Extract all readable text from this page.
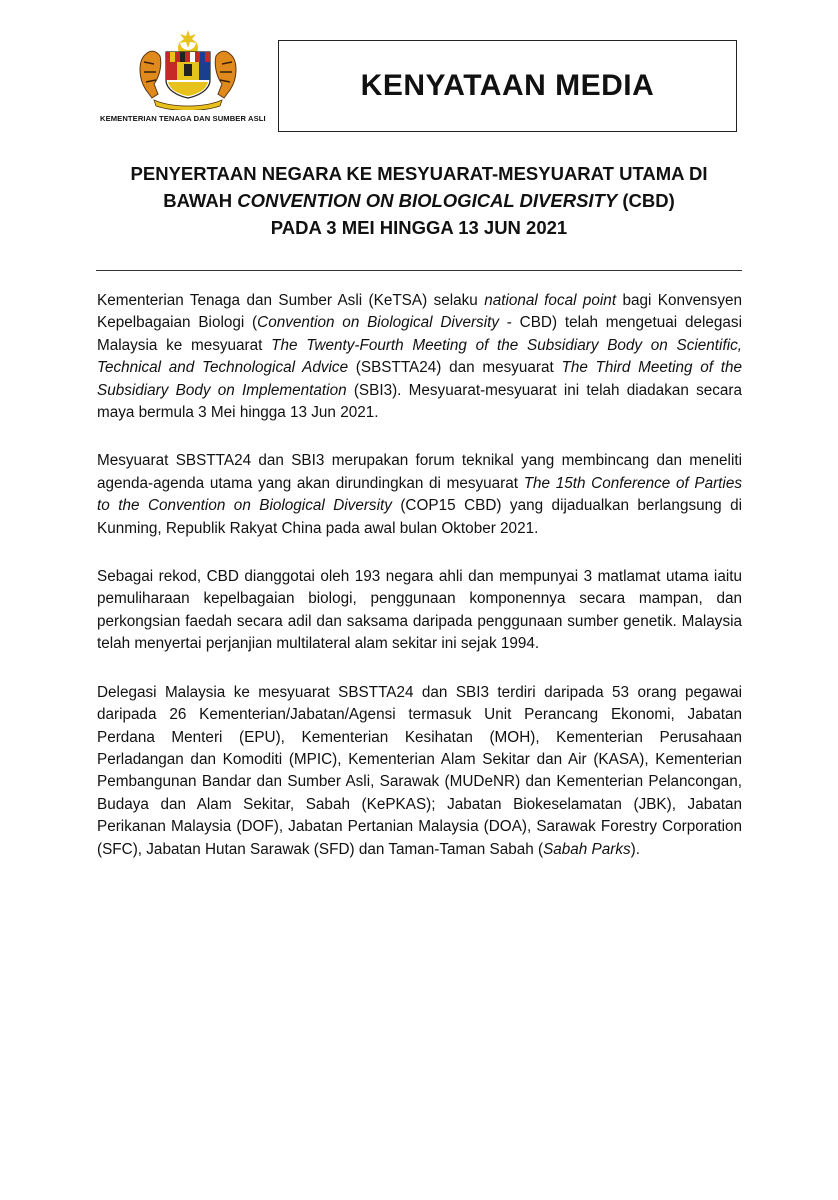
KEMENTERIAN TENAGA DAN SUMBER ASLI
KENYATAAN MEDIA
PENYERTAAN NEGARA KE MESYUARAT-MESYUARAT UTAMA DI
BAWAH CONVENTION ON BIOLOGICAL DIVERSITY (CBD)
PADA 3 MEI HINGGA 13 JUN 2021

Kementerian Tenaga dan Sumber Asli (KeTSA) selaku national focal point bagi Konvensyen Kepelbagaian Biologi (Convention on Biological Diversity - CBD) telah mengetuai delegasi Malaysia ke mesyuarat The Twenty-Fourth Meeting of the Subsidiary Body on Scientific, Technical and Technological Advice (SBSTTA24) dan mesyuarat The Third Meeting of the Subsidiary Body on Implementation (SBI3). Mesyuarat-mesyuarat ini telah diadakan secara maya bermula 3 Mei hingga 13 Jun 2021.

Mesyuarat SBSTTA24 dan SBI3 merupakan forum teknikal yang membincang dan meneliti agenda-agenda utama yang akan dirundingkan di mesyuarat The 15th Conference of Parties to the Convention on Biological Diversity (COP15 CBD) yang dijadualkan berlangsung di Kunming, Republik Rakyat China pada awal bulan Oktober 2021.

Sebagai rekod, CBD dianggotai oleh 193 negara ahli dan mempunyai 3 matlamat utama iaitu pemuliharaan kepelbagaian biologi, penggunaan komponennya secara mampan, dan perkongsian faedah secara adil dan saksama daripada penggunaan sumber genetik. Malaysia telah menyertai perjanjian multilateral alam sekitar ini sejak 1994.

Delegasi Malaysia ke mesyuarat SBSTTA24 dan SBI3 terdiri daripada 53 orang pegawai daripada 26 Kementerian/Jabatan/Agensi termasuk Unit Perancang Ekonomi, Jabatan Perdana Menteri (EPU), Kementerian Kesihatan (MOH), Kementerian Perusahaan Perladangan dan Komoditi (MPIC), Kementerian Alam Sekitar dan Air (KASA), Kementerian Pembangunan Bandar dan Sumber Asli, Sarawak (MUDeNR) dan Kementerian Pelancongan, Budaya dan Alam Sekitar, Sabah (KePKAS); Jabatan Biokeselamatan (JBK), Jabatan Perikanan Malaysia (DOF), Jabatan Pertanian Malaysia (DOA), Sarawak Forestry Corporation (SFC), Jabatan Hutan Sarawak (SFD) dan Taman-Taman Sabah (Sabah Parks).
